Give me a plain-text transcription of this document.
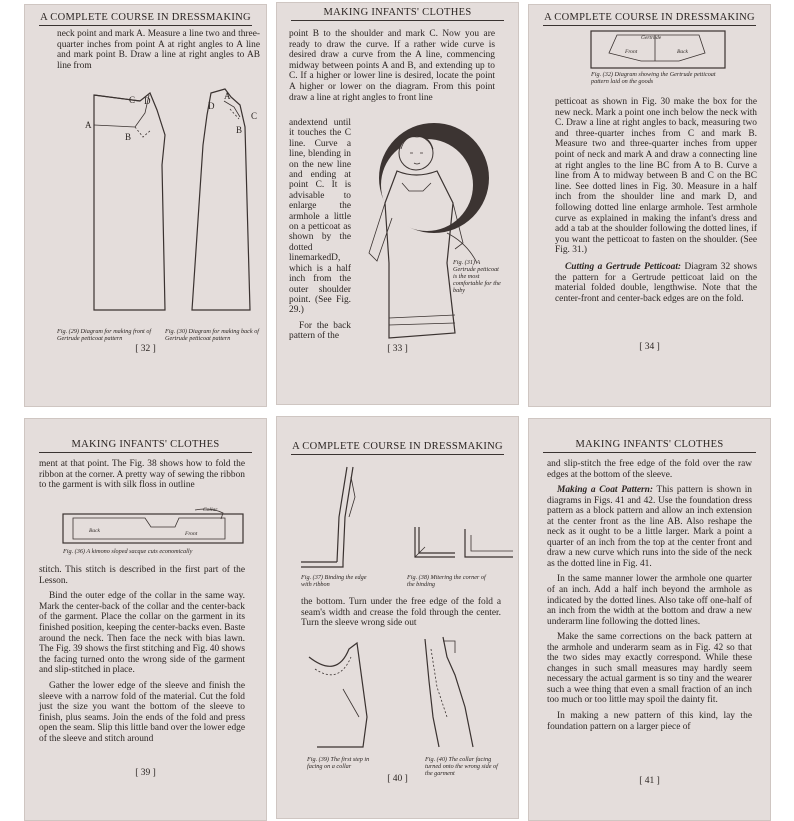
A COMPLETE COURSE IN DRESSMAKING

neck point and mark A. Measure a line two and three-quarter inches from point A at right angles to A line and mark point B. Draw a line at right angles to AB line from

A
B
C D	D
A
B
C
Fig. (29) Diagram for making front of Gertrude petticoat pattern
Fig. (30) Diagram for making back of Gertrude petticoat pattern
[ 32 ]
MAKING INFANTS' CLOTHES

point B to the shoulder and mark C. Now you are ready to draw the curve. If a rather wide curve is desired draw a curve from the A line, commencing midway between points A and B, and extending up to C. If a higher or lower line is desired, locate the point A higher or lower on the diagram. From this point draw a line at right angles to front line

andextend until it touches the C line. Curve a line, blending in on the new line and ending at point C. It is advisable to enlarge the armhole a little on a petticoat as shown by the dotted linemarkedD, which is a half inch from the outer shoulder point. (See Fig. 29.)

For the back pattern of the

Fig. (31) A Gertrude petticoat is the most comfortable for the baby
[ 33 ]
A COMPLETE COURSE IN DRESSMAKING
Gertrude
Front	Back
Fig. (32) Diagram showing the Gertrude petticoat pattern laid on the goods

petticoat as shown in Fig. 30 make the box for the new neck. Mark a point one inch below the neck with C. Draw a line at right angles to back, measuring two and three-quarter inches from C and mark B. Measure two and three-quarter inches from upper point of neck and mark A and draw a connecting line at right angles to the line BC from A to B. Curve a line from A to midway between B and C on the BC line. See dotted lines in Fig. 30. Measure in a half inch from the shoulder line and mark D, and following dotted line enlarge armhole. Test armhole curve as explained in making the infant's dress and add a tab at the shoulder following the dotted lines, if you want the petticoat to fasten on the shoulder. (See Fig. 31.)

Cutting a Gertrude Petticoat: Diagram 32 shows the pattern for a Gertrude petticoat laid on the material folded double, lengthwise. Note that the center-front and center-back edges are on the fold.

[ 34 ]
MAKING INFANTS' CLOTHES

ment at that point. The Fig. 38 shows how to fold the ribbon at the corner. A pretty way of sewing the ribbon to the garment is with silk floss in outline

Back	Front
Collar
Fig. (36) A kimono sloped sacque cuts economically

stitch. This stitch is described in the first part of the Lesson.

Bind the outer edge of the collar in the same way. Mark the center-back of the collar and the center-back of the garment. Place the collar on the garment in its finished position, keeping the center-backs even. Baste around the neck. Then face the neck with bias lawn. The Fig. 39 shows the first stitching and Fig. 40 shows the facing turned onto the wrong side of the garment and slip-stitched in place.

Gather the lower edge of the sleeve and finish the sleeve with a narrow fold of the material. Cut the fold just the size you want the bottom of the sleeve to finish, plus seams. Join the ends of the fold and press open the seam. Slip this little band over the lower edge of the sleeve and stitch around

[ 39 ]
A COMPLETE COURSE IN DRESSMAKING
Fig. (37) Binding the edge with ribbon
Fig. (38) Mitering the corner of the binding

the bottom. Turn under the free edge of the fold a seam's width and crease the fold through the center. Turn the sleeve wrong side out

Fig. (39) The first step in facing on a collar
Fig. (40) The collar facing turned onto the wrong side of the garment
[ 40 ]
MAKING INFANTS' CLOTHES

and slip-stitch the free edge of the fold over the raw edges at the bottom of the sleeve.

Making a Coat Pattern: This pattern is shown in diagrams in Figs. 41 and 42. Use the foundation dress pattern as a block pattern and allow an inch extension at the center front as the line AB. Also reshape the neck as it ought to be a little larger. Mark a point a quarter of an inch from the top at the center front and draw a new curve which runs into the side of the neck as the dotted line in Fig. 41.

In the same manner lower the armhole one quarter of an inch. Add a half inch beyond the armhole as indicated by the dotted lines. Also take off one-half of an inch from the width at the bottom and draw a new underarm line following the dotted lines.

Make the same corrections on the back pattern at the armhole and underarm seam as in Fig. 42 so that the two sides may exactly correspond. While these changes in such small measures may hardly seem necessary the actual garment is so tiny and the wearer such a wee thing that even a small fraction of an inch too much or too little may spoil the dainty fit.

In making a new pattern of this kind, lay the foundation pattern on a larger piece of

[ 41 ]
